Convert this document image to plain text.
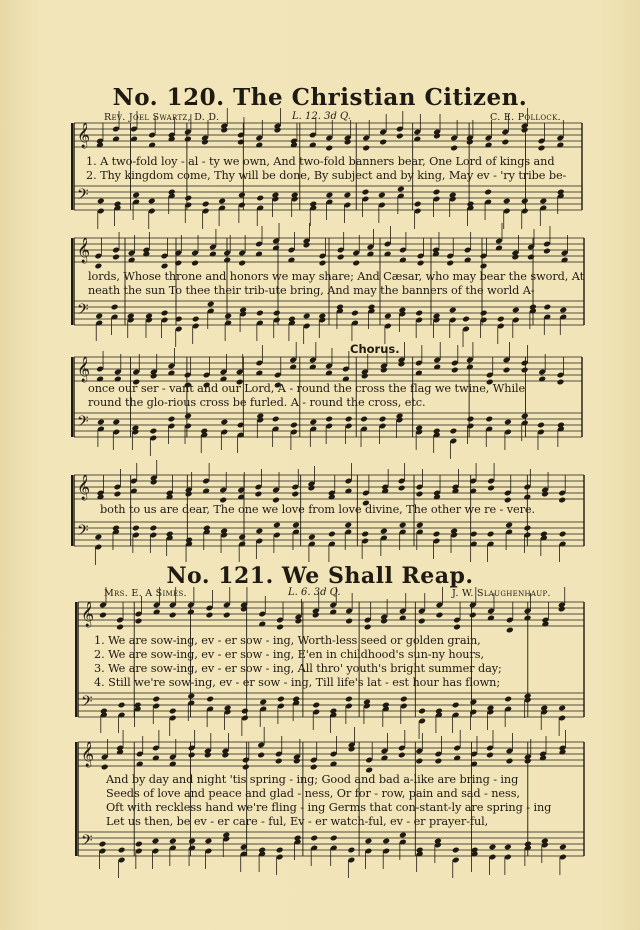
𝄞
𝄢
𝄞
𝄢
𝄞
𝄢
𝄞
𝄢
𝄞
𝄢
𝄞
𝄢
No. 120. The Christian Citizen.
Rev. Joel Swartz, D. D.	L. 12. 3d Q.	C. E. Pollock.
1. A two-fold loy - al - ty we own, And two-fold banners bear, One Lord of kings and
2. Thy kingdom come, Thy will be done, By subject and by king, May ev - 'ry tribe be-
lords, Whose throne and honors we may share; And Cæsar, who may bear the sword, At
neath the sun To thee their trib-ute bring, And may the banners of the world A-
Chorus.
once our ser - vant and our Lord, A - round the cross the flag we twine, While
round the glo-rious cross be furled. A - round the cross, etc.
both to us are dear, The one we love from love divine, The other we re - vere.
No. 121. We Shall Reap.
Mrs. E. A Simes.	L. 6. 3d Q.	J. W. Slaughenhaup.
1. We are sow-ing, ev - er sow - ing, Worth-less seed or golden grain,
2. We are sow-ing, ev - er sow - ing, E'en in childhood's sun-ny hours,
3. We are sow-ing, ev - er sow - ing, All thro' youth's bright summer day;
4. Still we're sow-ing, ev - er sow - ing, Till life's lat - est hour has flown;
And by day and night 'tis spring - ing; Good and bad a-like are bring - ing
Seeds of love and peace and glad - ness, Or for - row, pain and sad - ness,
Oft with reckless hand we're fling - ing Germs that con-stant-ly are spring - ing
Let us then, be ev - er care - ful, Ev - er watch-ful, ev - er prayer-ful,
